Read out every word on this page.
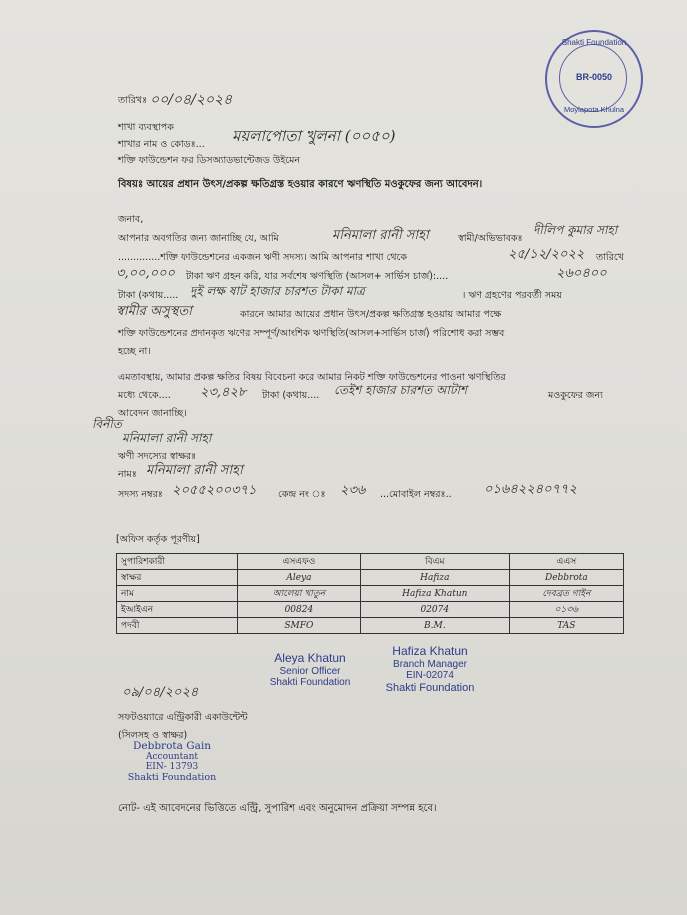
Shakti Foundation
BR-0050
Moylapota Khulna
তারিখঃ ০০/০৪/২০২৪
শাখা ব্যবস্থাপক
শাখার নাম ও কোডঃ... ময়লাপোতা খুলনা (০০৫০)
শক্তি ফাউন্ডেশন ফর ডিসঅ্যাডভান্টেজড উইমেন
বিষয়ঃ আয়ের প্রধান উৎস/প্রকল্প ক্ষতিগ্রস্ত হওয়ার কারণে ঋণস্থিতি মওকুফের জন্য আবেদন।
জনাব,
আপনার অবগতির জন্য জানাচ্ছি যে, আমি	মনিমালা রানী সাহা	স্বামী/অভিভাবকঃ
দীলিপ কুমার সাহা
..............শক্তি ফাউন্ডেশনের একজন ঋণী সদস্য। আমি আপনার শাখা থেকে	২৫/১২/২০২২ তারিখে
৩,০০,০০০ টাকা ঋণ গ্রহন করি, যার সর্বশেষ ঋণস্থিতি (আসল+ সার্ভিস চার্জ):....	২৬০৪০০
টাকা (কথায়..... দুই লক্ষ ষাট হাজার চারশত টাকা মাত্র	। ঋণ গ্রহণের পরবর্তী সময়
স্বামীর অসুস্থতা	কারনে আমার আয়ের প্রধান উৎস/প্রকল্প ক্ষতিগ্রস্ত হওয়ায় আমার পক্ষে
শক্তি ফাউন্ডেশনের প্রদানকৃত ঋণের সম্পূর্ণ/আংশিক ঋণস্থিতি(আসল+সার্ভিস চার্জ) পরিশোধ করা সম্ভব
হচ্ছে না।
এমতাবস্থায়, আমার প্রকল্প ক্ষতির বিষয় বিবেচনা করে আমার নিকট শক্তি ফাউন্ডেশনের পাওনা ঋণস্থিতির
মধ্যে থেকে.... ২৩,৪২৮ টাকা (কথায়.... তেইশ হাজার চারশত আটাশ	মওকুফের জন্য
আবেদন জানাচ্ছি।
বিনীত
মনিমালা রানী সাহা
ঋণী সদস্যের স্বাক্ষরঃ
নামঃ মনিমালা রানী সাহা
সদস্য নম্বরঃ ২০৫৫২০০৩৭১ কেন্দ্র নং ঃ ২৩৬ ...মোবাইল নম্বরঃ.. ০১৬৪২২৪০৭৭২
[অফিস কর্তৃক পূরণীয়]
সুপারিশকারী	এসএফও	বিএম	এএস
স্বাক্ষর	Aleya	Hafiza	Debbrota
নাম	আলেয়া খাতুন	Hafiza Khatun	দেবব্রত গাইন
ইআইএন	00824	02074	০১৩৬
পদবী	SMFO	B.M.	TAS
Aleya Khatun
Senior Officer
Shakti Foundation
Hafiza Khatun
Branch Manager
EIN-02074
Shakti Foundation
০৯/০৪/২০২৪
সফটওয়্যারে এন্ট্রিকারী একাউন্টেন্ট
(সিলসহ ও স্বাক্ষর)
Debbrota Gain
Accountant
EIN- 13793
Shakti Foundation
নোট- এই আবেদনের ভিত্তিতে এন্ট্রি, সুপারিশ এবং অনুমোদন প্রক্রিয়া সম্পন্ন হবে।
